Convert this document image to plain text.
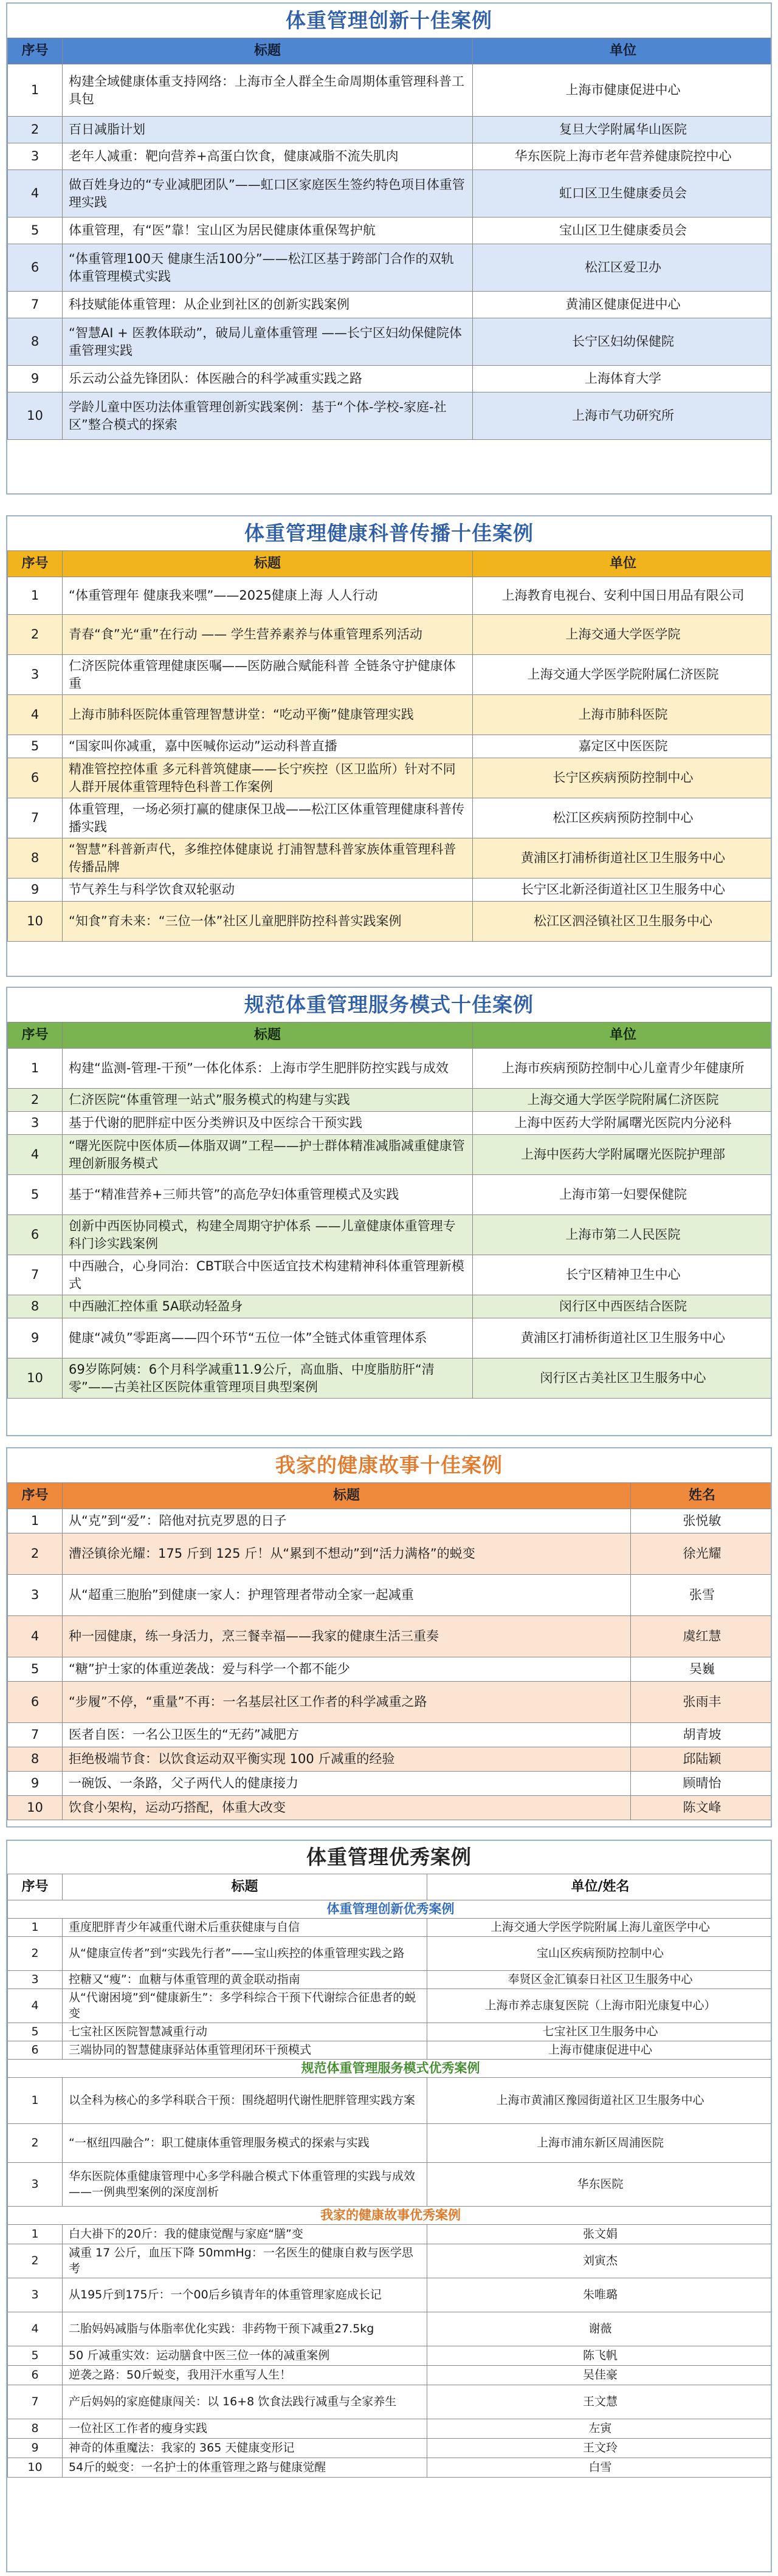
体重管理创新十佳案例
序号	标题	单位
1	构建全域健康体重支持网络：上海市全人群全生命周期体重管理科普工具包	上海市健康促进中心
2	百日减脂计划	复旦大学附属华山医院
3	老年人减重：靶向营养+高蛋白饮食，健康减脂不流失肌肉	华东医院上海市老年营养健康院控中心
4	做百姓身边的“专业减肥团队”——虹口区家庭医生签约特色项目体重管理实践	虹口区卫生健康委员会
5	体重管理，有“医”靠！宝山区为居民健康体重保驾护航	宝山区卫生健康委员会
6	“体重管理100天 健康生活100分”——松江区基于跨部门合作的双轨体重管理模式实践	松江区爱卫办
7	科技赋能体重管理：从企业到社区的创新实践案例	黄浦区健康促进中心
8	“智慧AI + 医教体联动”，破局儿童体重管理 ——长宁区妇幼保健院体重管理实践	长宁区妇幼保健院
9	乐云动公益先锋团队：体医融合的科学减重实践之路	上海体育大学
10	学龄儿童中医功法体重管理创新实践案例：基于“个体-学校-家庭-社区”整合模式的探索	上海市气功研究所
体重管理健康科普传播十佳案例
序号	标题	单位
1	“体重管理年 健康我来嘿”——2025健康上海 人人行动	上海教育电视台、安利中国日用品有限公司
2	青春“食”光“重”在行动 —— 学生营养素养与体重管理系列活动	上海交通大学医学院
3	仁济医院体重管理健康医嘱——医防融合赋能科普 全链条守护健康体重	上海交通大学医学院附属仁济医院
4	上海市肺科医院体重管理智慧讲堂：“吃动平衡”健康管理实践	上海市肺科医院
5	“国家叫你减重，嘉中医喊你运动”运动科普直播	嘉定区中医医院
6	精准管控控体重 多元科普筑健康——长宁疾控（区卫监所）针对不同人群开展体重管理特色科普工作案例	长宁区疾病预防控制中心
7	体重管理，一场必须打赢的健康保卫战——松江区体重管理健康科普传播实践	松江区疾病预防控制中心
8	“智慧”科普新声代，多维控体健康说 打浦智慧科普家族体重管理科普传播品牌	黄浦区打浦桥街道社区卫生服务中心
9	节气养生与科学饮食双轮驱动	长宁区北新泾街道社区卫生服务中心
10	“知食”育未来：“三位一体”社区儿童肥胖防控科普实践案例	松江区泗泾镇社区卫生服务中心
规范体重管理服务模式十佳案例
序号	标题	单位
1	构建“监测-管理-干预”一体化体系：上海市学生肥胖防控实践与成效	上海市疾病预防控制中心儿童青少年健康所
2	仁济医院“体重管理一站式”服务模式的构建与实践	上海交通大学医学院附属仁济医院
3	基于代谢的肥胖症中医分类辨识及中医综合干预实践	上海中医药大学附属曙光医院内分泌科
4	“曙光医院中医体质—体脂双调”工程——护士群体精准减脂减重健康管理创新服务模式	上海中医药大学附属曙光医院护理部
5	基于“精准营养+三师共管”的高危孕妇体重管理模式及实践	上海市第一妇婴保健院
6	创新中西医协同模式，构建全周期守护体系 ——儿童健康体重管理专科门诊实践案例	上海市第二人民医院
7	中西融合，心身同治：CBT联合中医适宜技术构建精神科体重管理新模式	长宁区精神卫生中心
8	中西融汇控体重 5A联动轻盈身	闵行区中西医结合医院
9	健康“减负”零距离——四个环节“五位一体”全链式体重管理体系	黄浦区打浦桥街道社区卫生服务中心
10	69岁陈阿姨：6个月科学减重11.9公斤，高血脂、中度脂肪肝“清零”——古美社区医院体重管理项目典型案例	闵行区古美社区卫生服务中心
我家的健康故事十佳案例
序号	标题	姓名
1	从“克”到“爱”：陪他对抗克罗恩的日子	张悦敏
2	漕泾镇徐光耀：175 斤到 125 斤！从“累到不想动”到“活力满格”的蜕变	徐光耀
3	从“超重三胞胎”到健康一家人：护理管理者带动全家一起减重	张雪
4	种一园健康，练一身活力，烹三餐幸福——我家的健康生活三重奏	虞红慧
5	“糖”护士家的体重逆袭战：爱与科学一个都不能少	吴巍
6	“步履”不停，“重量”不再：一名基层社区工作者的科学减重之路	张雨丰
7	医者自医：一名公卫医生的“无药”减肥方	胡青坡
8	拒绝极端节食：以饮食运动双平衡实现 100 斤减重的经验	邱陆颖
9	一碗饭、一条路，父子两代人的健康接力	顾晴怡
10	饮食小架构，运动巧搭配，体重大改变	陈文峰
体重管理优秀案例
序号	标题	单位/姓名
体重管理创新优秀案例		
1	重度肥胖青少年减重代谢术后重获健康与自信	上海交通大学医学院附属上海儿童医学中心
2	从“健康宣传者”到“实践先行者”——宝山疾控的体重管理实践之路	宝山区疾病预防控制中心
3	控糖又“瘦”：血糖与体重管理的黄金联动指南	奉贤区金汇镇泰日社区卫生服务中心
4	从“代谢困境”到“健康新生”：多学科综合干预下代谢综合征患者的蜕变	上海市养志康复医院（上海市阳光康复中心）
5	七宝社区医院智慧减重行动	七宝社区卫生服务中心
6	三端协同的智慧健康驿站体重管理闭环干预模式	上海市健康促进中心
规范体重管理服务模式优秀案例		
1	以全科为核心的多学科联合干预：围绕超明代谢性肥胖管理实践方案	上海市黄浦区豫园街道社区卫生服务中心
2	“一枢纽四融合”：职工健康体重管理服务模式的探索与实践	上海市浦东新区周浦医院
3	华东医院体重健康管理中心多学科融合模式下体重管理的实践与成效——一例典型案例的深度剖析	华东医院
我家的健康故事优秀案例		
1	白大褂下的20斤：我的健康觉醒与家庭“膳”变	张文娟
2	减重 17 公斤，血压下降 50mmHg：一名医生的健康自救与医学思考	刘寅杰
3	从195斤到175斤：一个00后乡镇青年的体重管理家庭成长记	朱唯璐
4	二胎妈妈减脂与体脂率优化实践：非药物干预下减重27.5kg	谢薇
5	50 斤减重实效：运动膳食中医三位一体的减重案例	陈飞帆
6	逆袭之路：50斤蜕变，我用汗水重写人生！	吴佳豪
7	产后妈妈的家庭健康闯关：以 16+8 饮食法践行减重与全家养生	王文慧
8	一位社区工作者的瘦身实践	左寅
9	神奇的体重魔法：我家的 365 天健康变形记	王文玲
10	54斤的蜕变：一名护士的体重管理之路与健康觉醒	白雪
